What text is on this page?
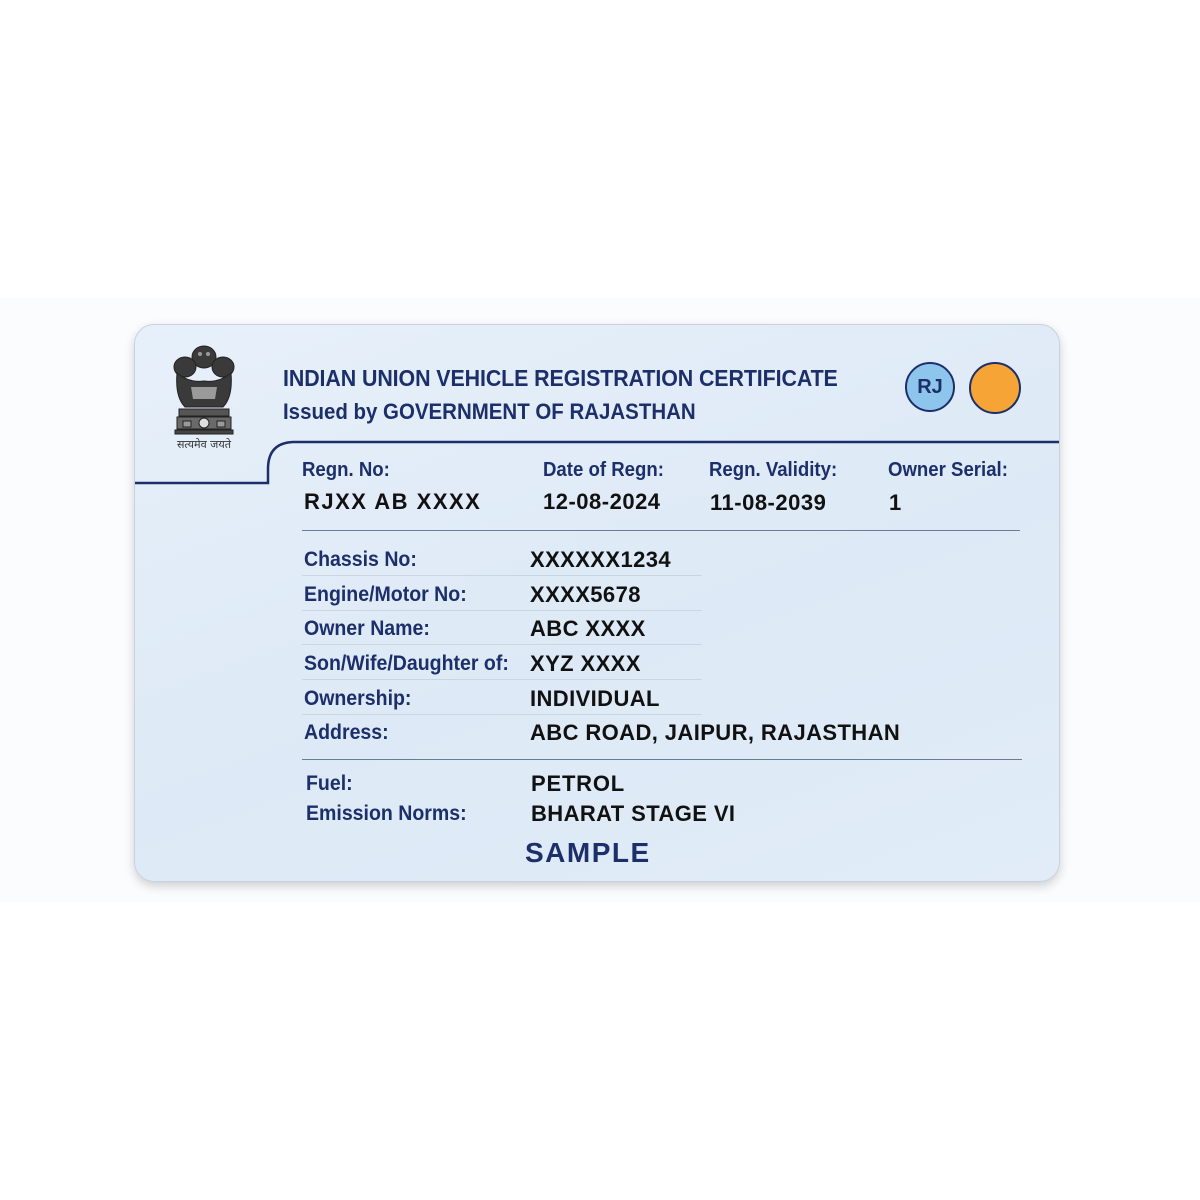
सत्यमेव जयते
INDIAN UNION VEHICLE REGISTRATION CERTIFICATE
Issued by GOVERNMENT OF RAJASTHAN
RJ
Regn. No:
RJXX AB XXXX
Date of Regn:
12-08-2024
Regn. Validity:
11-08-2039
Owner Serial:
1
Chassis No:	XXXXXX1234
Engine/Motor No:	XXXX5678
Owner Name:	ABC XXXX
Son/Wife/Daughter of: XYZ XXXX
Ownership:	INDIVIDUAL
Address:	ABC ROAD, JAIPUR, RAJASTHAN
Fuel:	PETROL
Emission Norms:	BHARAT STAGE VI
SAMPLE
